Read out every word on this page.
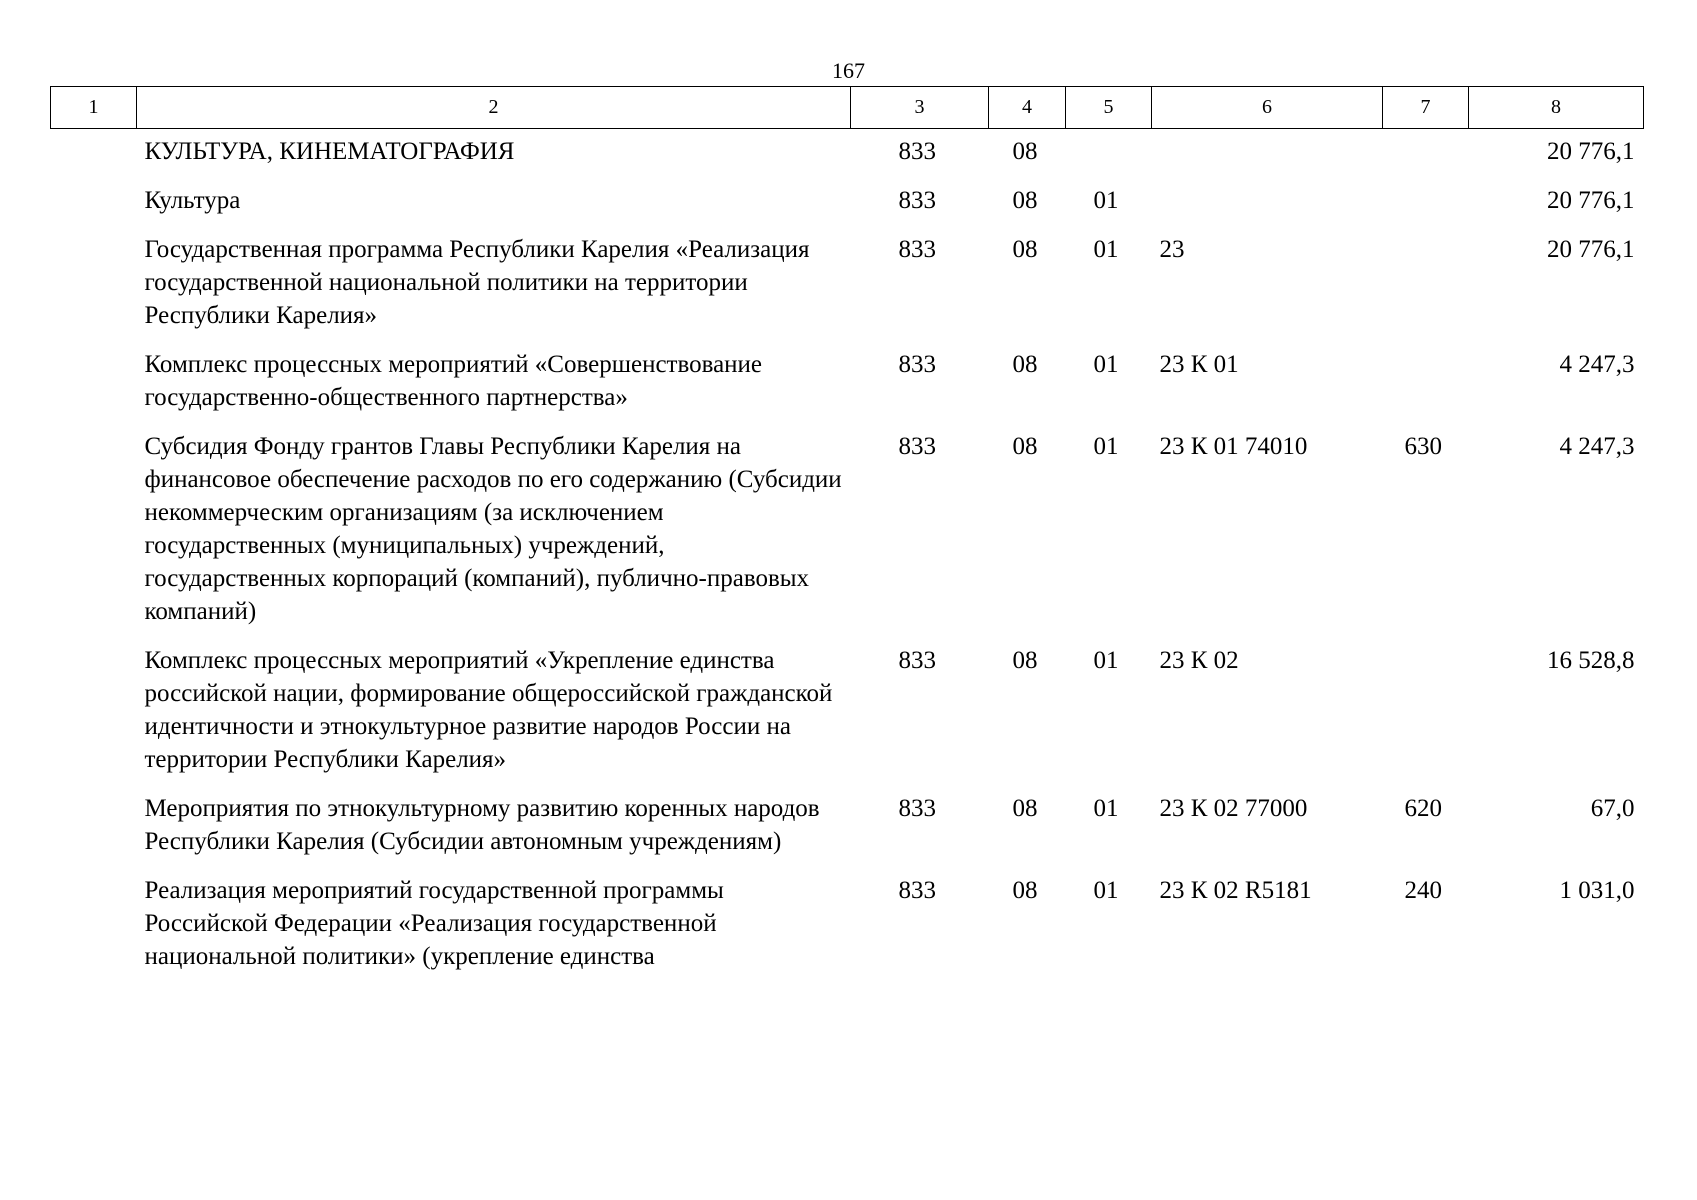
167
1	2	3	4	5	6	7	8
КУЛЬТУРА, КИНЕМАТОГРАФИЯ		833	08				20 776,1
Культура		833	08	01			20 776,1
Государственная программа Республики Карелия «Реализация государственной национальной политики на территории Республики Карелия»		833	08	01	23		20 776,1
Комплекс процессных мероприятий «Совершенствование государственно-общественного партнерства»		833	08	01	23 К 01		4 247,3
Субсидия Фонду грантов Главы Республики Карелия на финансовое обеспечение расходов по его содержанию (Субсидии некоммерческим организациям (за исключением государственных (муниципальных) учреждений, государственных корпораций (компаний), публично-правовых компаний)		833	08	01	23 К 01 74010	630	4 247,3
Комплекс процессных мероприятий «Укрепление единства российской нации, формирование общероссийской гражданской идентичности и этнокультурное развитие народов России на территории Республики Карелия»		833	08	01	23 К 02		16 528,8
Мероприятия по этнокультурному развитию коренных народов Республики Карелия (Субсидии автономным учреждениям)		833	08	01	23 К 02 77000	620	67,0
Реализация мероприятий государственной программы Российской Федерации «Реализация государственной национальной политики» (укрепление единства		833	08	01	23 К 02 R5181	240	1 031,0
